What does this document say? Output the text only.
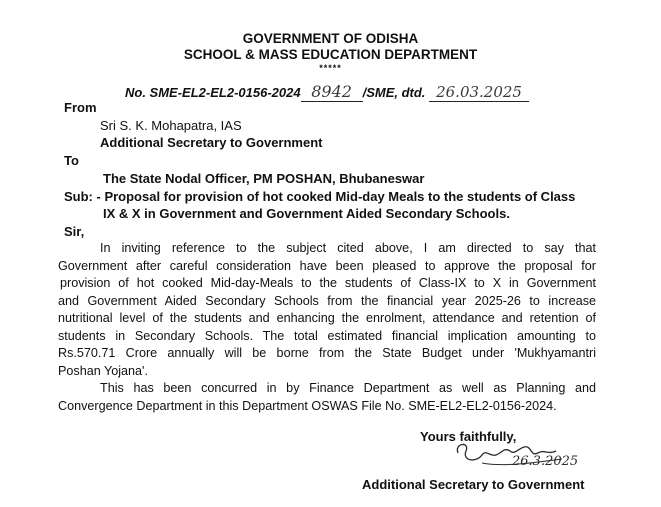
GOVERNMENT OF ODISHA
SCHOOL & MASS EDUCATION DEPARTMENT
*****
No. SME-EL2-EL2-0156-2024 8942 /SME, dtd. 26.03.2025
From
Sri S. K. Mohapatra, IAS
Additional Secretary to Government
To
The State Nodal Officer, PM POSHAN, Bhubaneswar
Sub: - Proposal for provision of hot cooked Mid-day Meals to the students of Class
IX & X in Government and Government Aided Secondary Schools.
Sir,
In inviting reference to the subject cited above, I am directed to say that
Government after careful consideration have been pleased to approve the proposal for
provision of hot cooked Mid-day-Meals to the students of Class-IX to X in Government
and Government Aided Secondary Schools from the financial year 2025-26 to increase
nutritional level of the students and enhancing the enrolment, attendance and retention of
students in Secondary Schools. The total estimated financial implication amounting to
Rs.570.71 Crore annually will be borne from the State Budget under 'Mukhyamantri
Poshan Yojana'.
This has been concurred in by Finance Department as well as Planning and
Convergence Department in this Department OSWAS File No. SME-EL2-EL2-0156-2024.
Yours faithfully,
26.3.2025
Additional Secretary to Government
